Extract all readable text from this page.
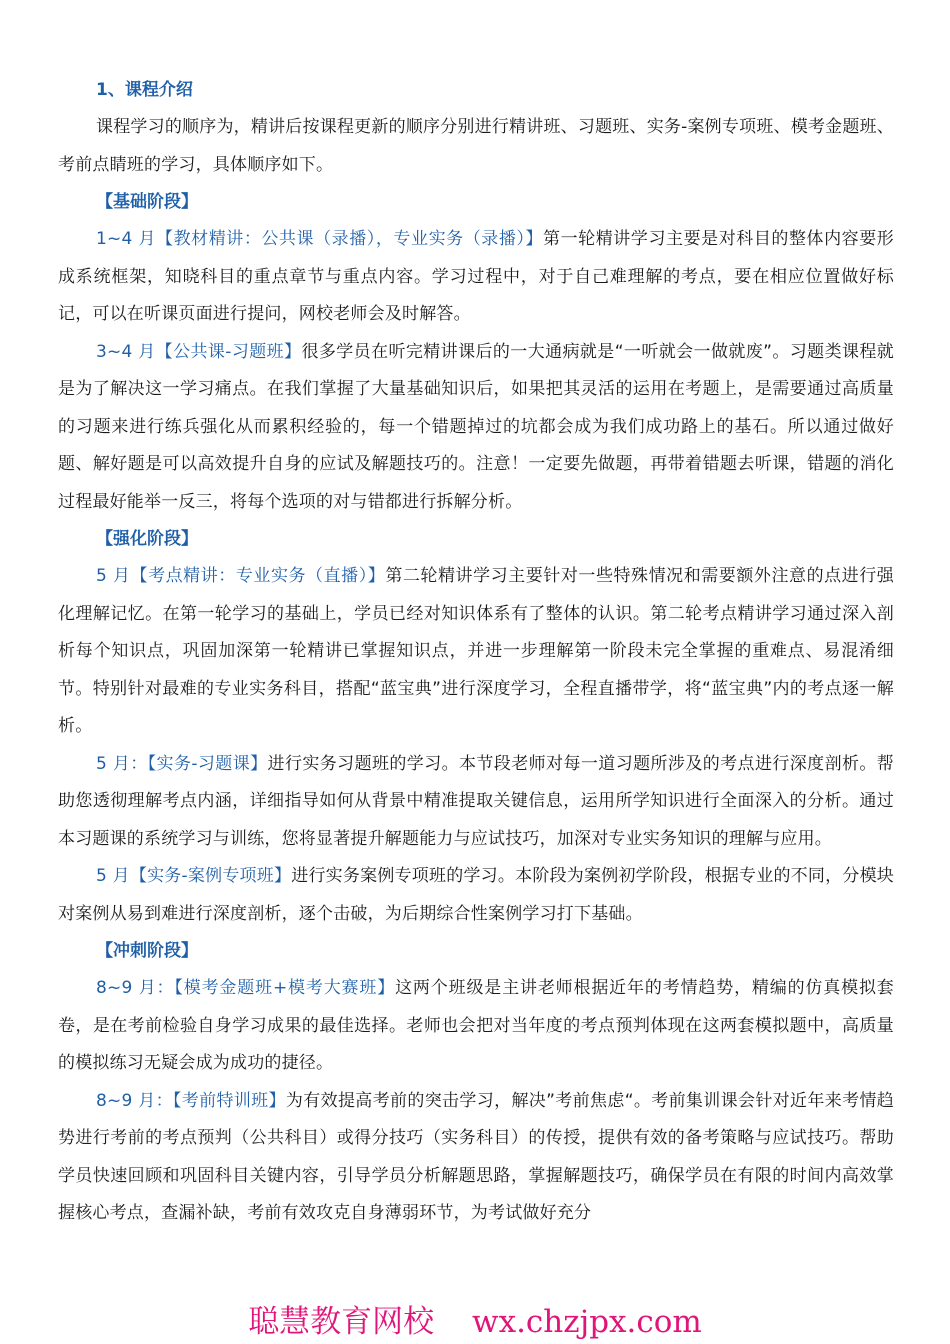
1、课程介绍

课程学习的顺序为，精讲后按课程更新的顺序分别进行精讲班、习题班、实务-案例专项班、模考金题班、考前点睛班的学习，具体顺序如下。

【基础阶段】

1~4 月【教材精讲：公共课（录播），专业实务（录播）】第一轮精讲学习主要是对科目的整体内容要形成系统框架，知晓科目的重点章节与重点内容。学习过程中，对于自己难理解的考点，要在相应位置做好标记，可以在听课页面进行提问，网校老师会及时解答。

3~4 月【公共课-习题班】很多学员在听完精讲课后的一大通病就是“一听就会一做就废”。习题类课程就是为了解决这一学习痛点。在我们掌握了大量基础知识后，如果把其灵活的运用在考题上，是需要通过高质量的习题来进行练兵强化从而累积经验的，每一个错题掉过的坑都会成为我们成功路上的基石。所以通过做好题、解好题是可以高效提升自身的应试及解题技巧的。注意！一定要先做题，再带着错题去听课，错题的消化过程最好能举一反三，将每个选项的对与错都进行拆解分析。

【强化阶段】

5 月【考点精讲：专业实务（直播）】第二轮精讲学习主要针对一些特殊情况和需要额外注意的点进行强化理解记忆。在第一轮学习的基础上，学员已经对知识体系有了整体的认识。第二轮考点精讲学习通过深入剖析每个知识点，巩固加深第一轮精讲已掌握知识点，并进一步理解第一阶段未完全掌握的重难点、易混淆细节。特别针对最难的专业实务科目，搭配“蓝宝典”进行深度学习，全程直播带学，将“蓝宝典”内的考点逐一解析。

5 月：【实务-习题课】进行实务习题班的学习。本节段老师对每一道习题所涉及的考点进行深度剖析。帮助您透彻理解考点内涵，详细指导如何从背景中精准提取关键信息，运用所学知识进行全面深入的分析。通过本习题课的系统学习与训练，您将显著提升解题能力与应试技巧，加深对专业实务知识的理解与应用。

5 月【实务-案例专项班】进行实务案例专项班的学习。本阶段为案例初学阶段，根据专业的不同，分模块对案例从易到难进行深度剖析，逐个击破，为后期综合性案例学习打下基础。

【冲刺阶段】

8~9 月：【模考金题班+模考大赛班】这两个班级是主讲老师根据近年的考情趋势，精编的仿真模拟套卷，是在考前检验自身学习成果的最佳选择。老师也会把对当年度的考点预判体现在这两套模拟题中，高质量的模拟练习无疑会成为成功的捷径。

8~9 月：【考前特训班】为有效提高考前的突击学习，解决”考前焦虑“。考前集训课会针对近年来考情趋势进行考前的考点预判（公共科目）或得分技巧（实务科目）的传授，提供有效的备考策略与应试技巧。帮助学员快速回顾和巩固科目关键内容，引导学员分析解题思路，掌握解题技巧，确保学员在有限的时间内高效掌握核心考点，查漏补缺，考前有效攻克自身薄弱环节，为考试做好充分

聪慧教育网校 wx.chzjpx.com
